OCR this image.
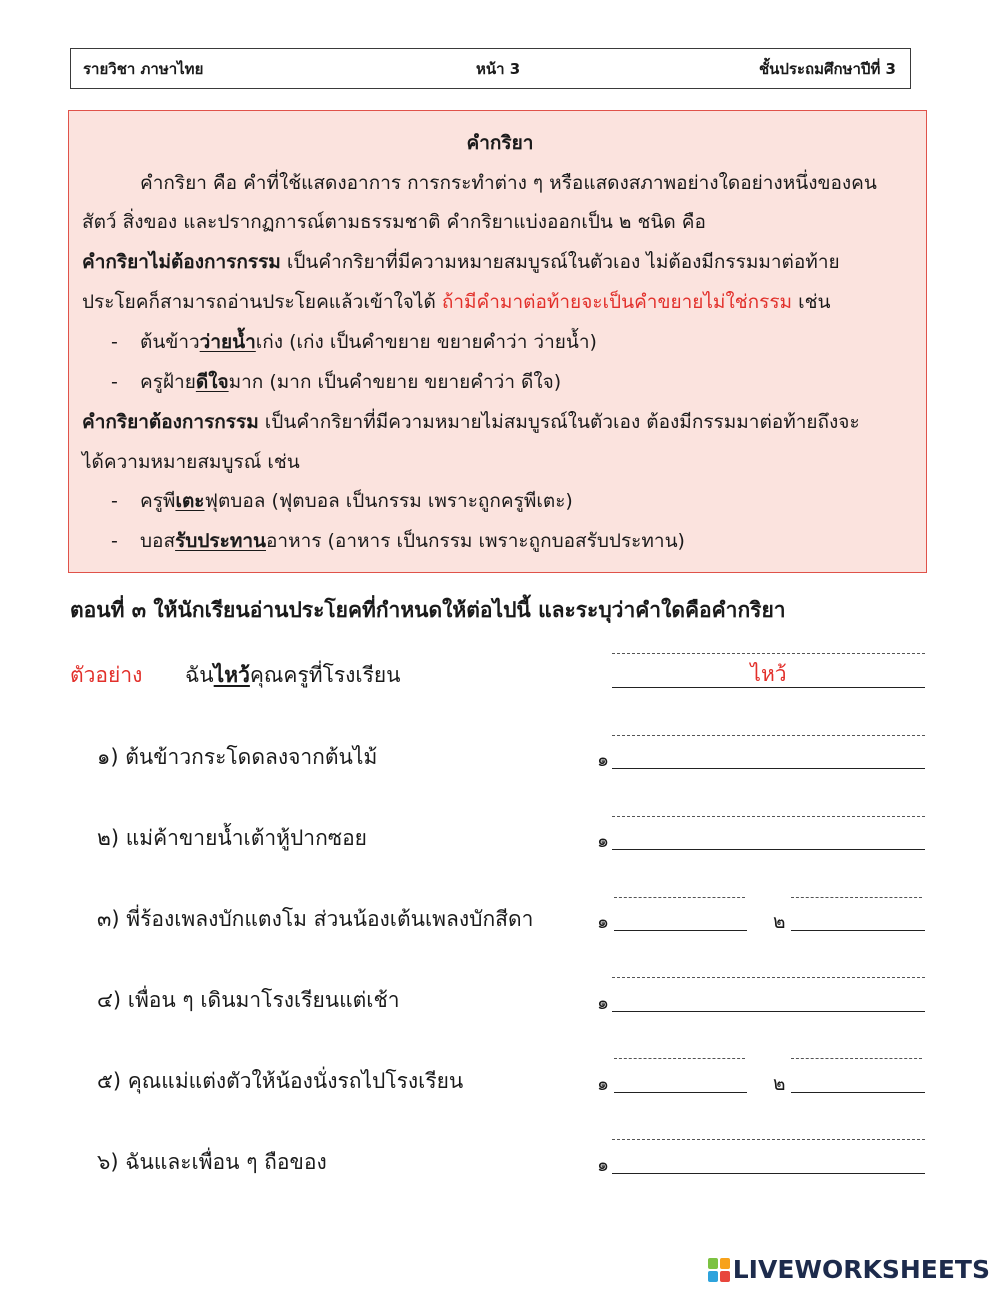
รายวิชา ภาษาไทย	หน้า 3	ชั้นประถมศึกษาปีที่ 3
คำกริยา
คำกริยา คือ คำที่ใช้แสดงอาการ การกระทำต่าง ๆ หรือแสดงสภาพอย่างใดอย่างหนึ่งของคน
สัตว์ สิ่งของ และปรากฏการณ์ตามธรรมชาติ คำกริยาแบ่งออกเป็น ๒ ชนิด คือ
คำกริยาไม่ต้องการกรรม เป็นคำกริยาที่มีความหมายสมบูรณ์ในตัวเอง ไม่ต้องมีกรรมมาต่อท้าย
ประโยคก็สามารถอ่านประโยคแล้วเข้าใจได้ ถ้ามีคำมาต่อท้ายจะเป็นคำขยายไม่ใช่กรรม เช่น
- ต้นข้าวว่ายน้ำเก่ง (เก่ง เป็นคำขยาย ขยายคำว่า ว่ายน้ำ)
- ครูฝ้ายดีใจมาก (มาก เป็นคำขยาย ขยายคำว่า ดีใจ)
คำกริยาต้องการกรรม เป็นคำกริยาที่มีความหมายไม่สมบูรณ์ในตัวเอง ต้องมีกรรมมาต่อท้ายถึงจะ
ได้ความหมายสมบูรณ์ เช่น
- ครูพีเตะฟุตบอล (ฟุตบอล เป็นกรรม เพราะถูกครูพีเตะ)
- บอสรับประทานอาหาร (อาหาร เป็นกรรม เพราะถูกบอสรับประทาน)
ตอนที่ ๓ ให้นักเรียนอ่านประโยคที่กำหนดให้ต่อไปนี้ และระบุว่าคำใดคือคำกริยา
ตัวอย่าง ฉันไหว้คุณครูที่โรงเรียน	ไหว้
๑) ต้นข้าวกระโดดลงจากต้นไม้	๑
๒) แม่ค้าขายน้ำเต้าหู้ปากซอย	๑
๓) พี่ร้องเพลงบักแตงโม ส่วนน้องเต้นเพลงบักสีดา	๑	๒
๔) เพื่อน ๆ เดินมาโรงเรียนแต่เช้า	๑
๕) คุณแม่แต่งตัวให้น้องนั่งรถไปโรงเรียน	๑	๒
๖) ฉันและเพื่อน ๆ ถือของ	๑
LIVEWORKSHEETS
